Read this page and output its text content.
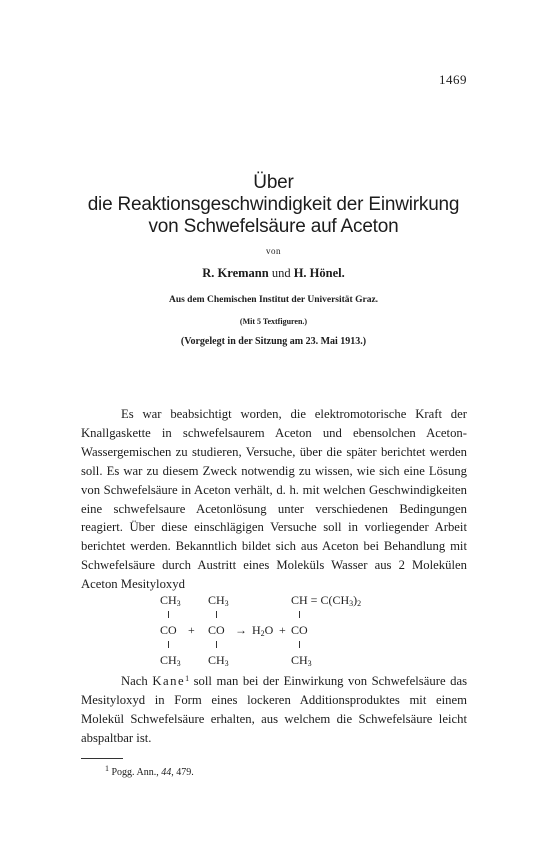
1469
Über
die Reaktionsgeschwindigkeit der Einwirkung
von Schwefelsäure auf Aceton
von
R. Kremann und H. Hönel.
Aus dem Chemischen Institut der Universität Graz.
(Mit 5 Textfiguren.)
(Vorgelegt in der Sitzung am 23. Mai 1913.)

Es war beabsichtigt worden, die elektromotorische Kraft der Knallgaskette in schwefelsaurem Aceton und ebensolchen Aceton-Wassergemischen zu studieren, Versuche, über die später berichtet werden soll. Es war zu diesem Zweck notwendig zu wissen, wie sich eine Lösung von Schwefelsäure in Aceton verhält, d. h. mit welchen Geschwindigkeiten eine schwefelsaure Acetonlösung unter verschiedenen Bedingungen reagiert. Über diese einschlägigen Versuche soll in vorliegender Arbeit berichtet werden. Bekanntlich bildet sich aus Aceton bei Behandlung mit Schwefelsäure durch Austritt eines Moleküls Wasser aus 2 Molekülen Aceton Mesityloxyd

$CH_3$ $CH_3$	CH = $C(CH_3)_2$
CO + CO → $H_2O$ + CO
$CH_3$ $CH_3$	$CH_3$

Nach Kane$^1$ soll man bei der Einwirkung von Schwefelsäure das Mesityloxyd in Form eines lockeren Additionsproduktes mit einem Molekül Schwefelsäure erhalten, aus welchem die Schwefelsäure leicht abspaltbar ist.

$^1$ Pogg. Ann., 44, 479.
